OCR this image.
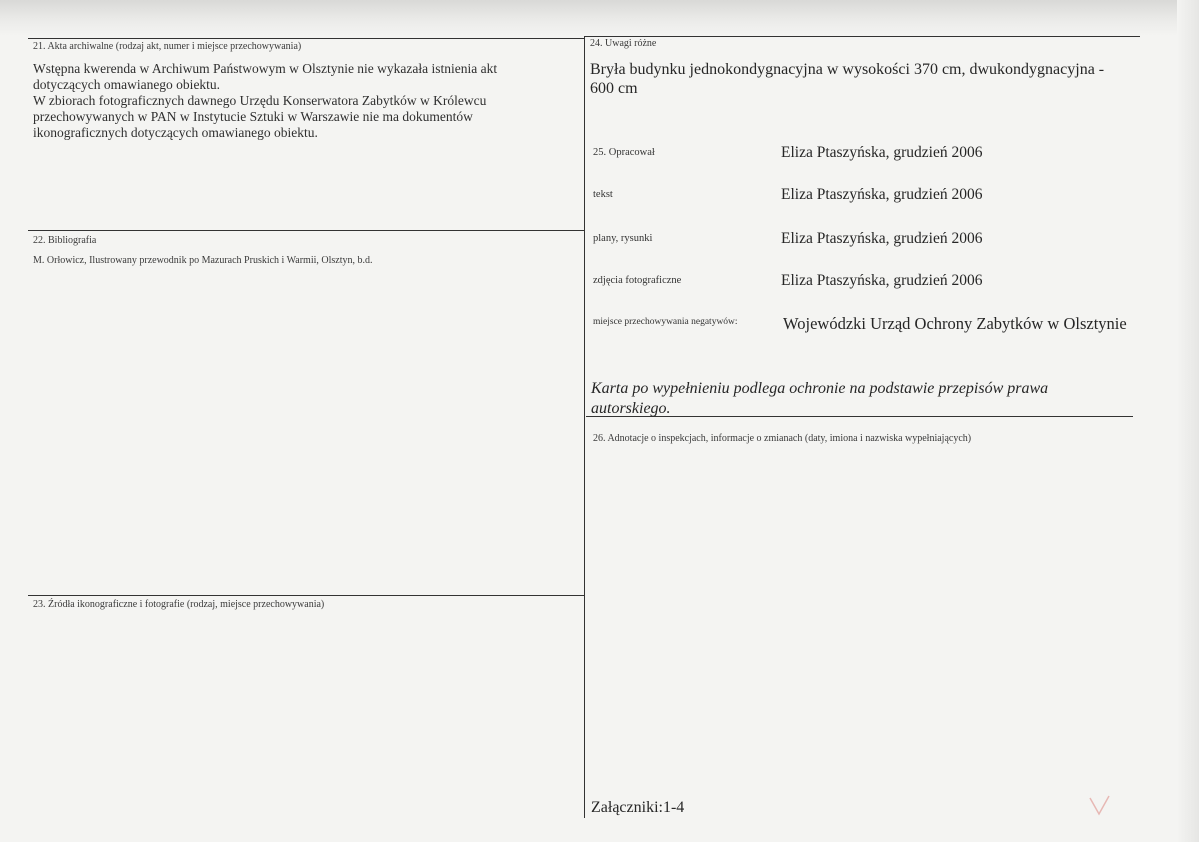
21. Akta archiwalne (rodzaj akt, numer i miejsce przechowywania)
Wstępna kwerenda w Archiwum Państwowym w Olsztynie nie wykazała istnienia akt
dotyczących omawianego obiektu.
W zbiorach fotograficznych dawnego Urzędu Konserwatora Zabytków w Królewcu
przechowywanych w PAN w Instytucie Sztuki w Warszawie nie ma dokumentów
ikonograficznych dotyczących omawianego obiektu.
22. Bibliografia
M. Orłowicz, Ilustrowany przewodnik po Mazurach Pruskich i Warmii, Olsztyn, b.d.
23. Źródła ikonograficzne i fotografie (rodzaj, miejsce przechowywania)
24. Uwagi różne
Bryła budynku jednokondygnacyjna w wysokości 370 cm, dwukondygnacyjna -
600 cm
25. Opracował	Eliza Ptaszyńska, grudzień 2006
tekst	Eliza Ptaszyńska, grudzień 2006
plany, rysunki	Eliza Ptaszyńska, grudzień 2006
zdjęcia fotograficzne	Eliza Ptaszyńska, grudzień 2006
miejsce przechowywania negatywów:	Wojewódzki Urząd Ochrony Zabytków w Olsztynie
Karta po wypełnieniu podlega ochronie na podstawie przepisów prawa
autorskiego.
26. Adnotacje o inspekcjach, informacje o zmianach (daty, imiona i nazwiska wypełniających)
Załączniki:1-4
